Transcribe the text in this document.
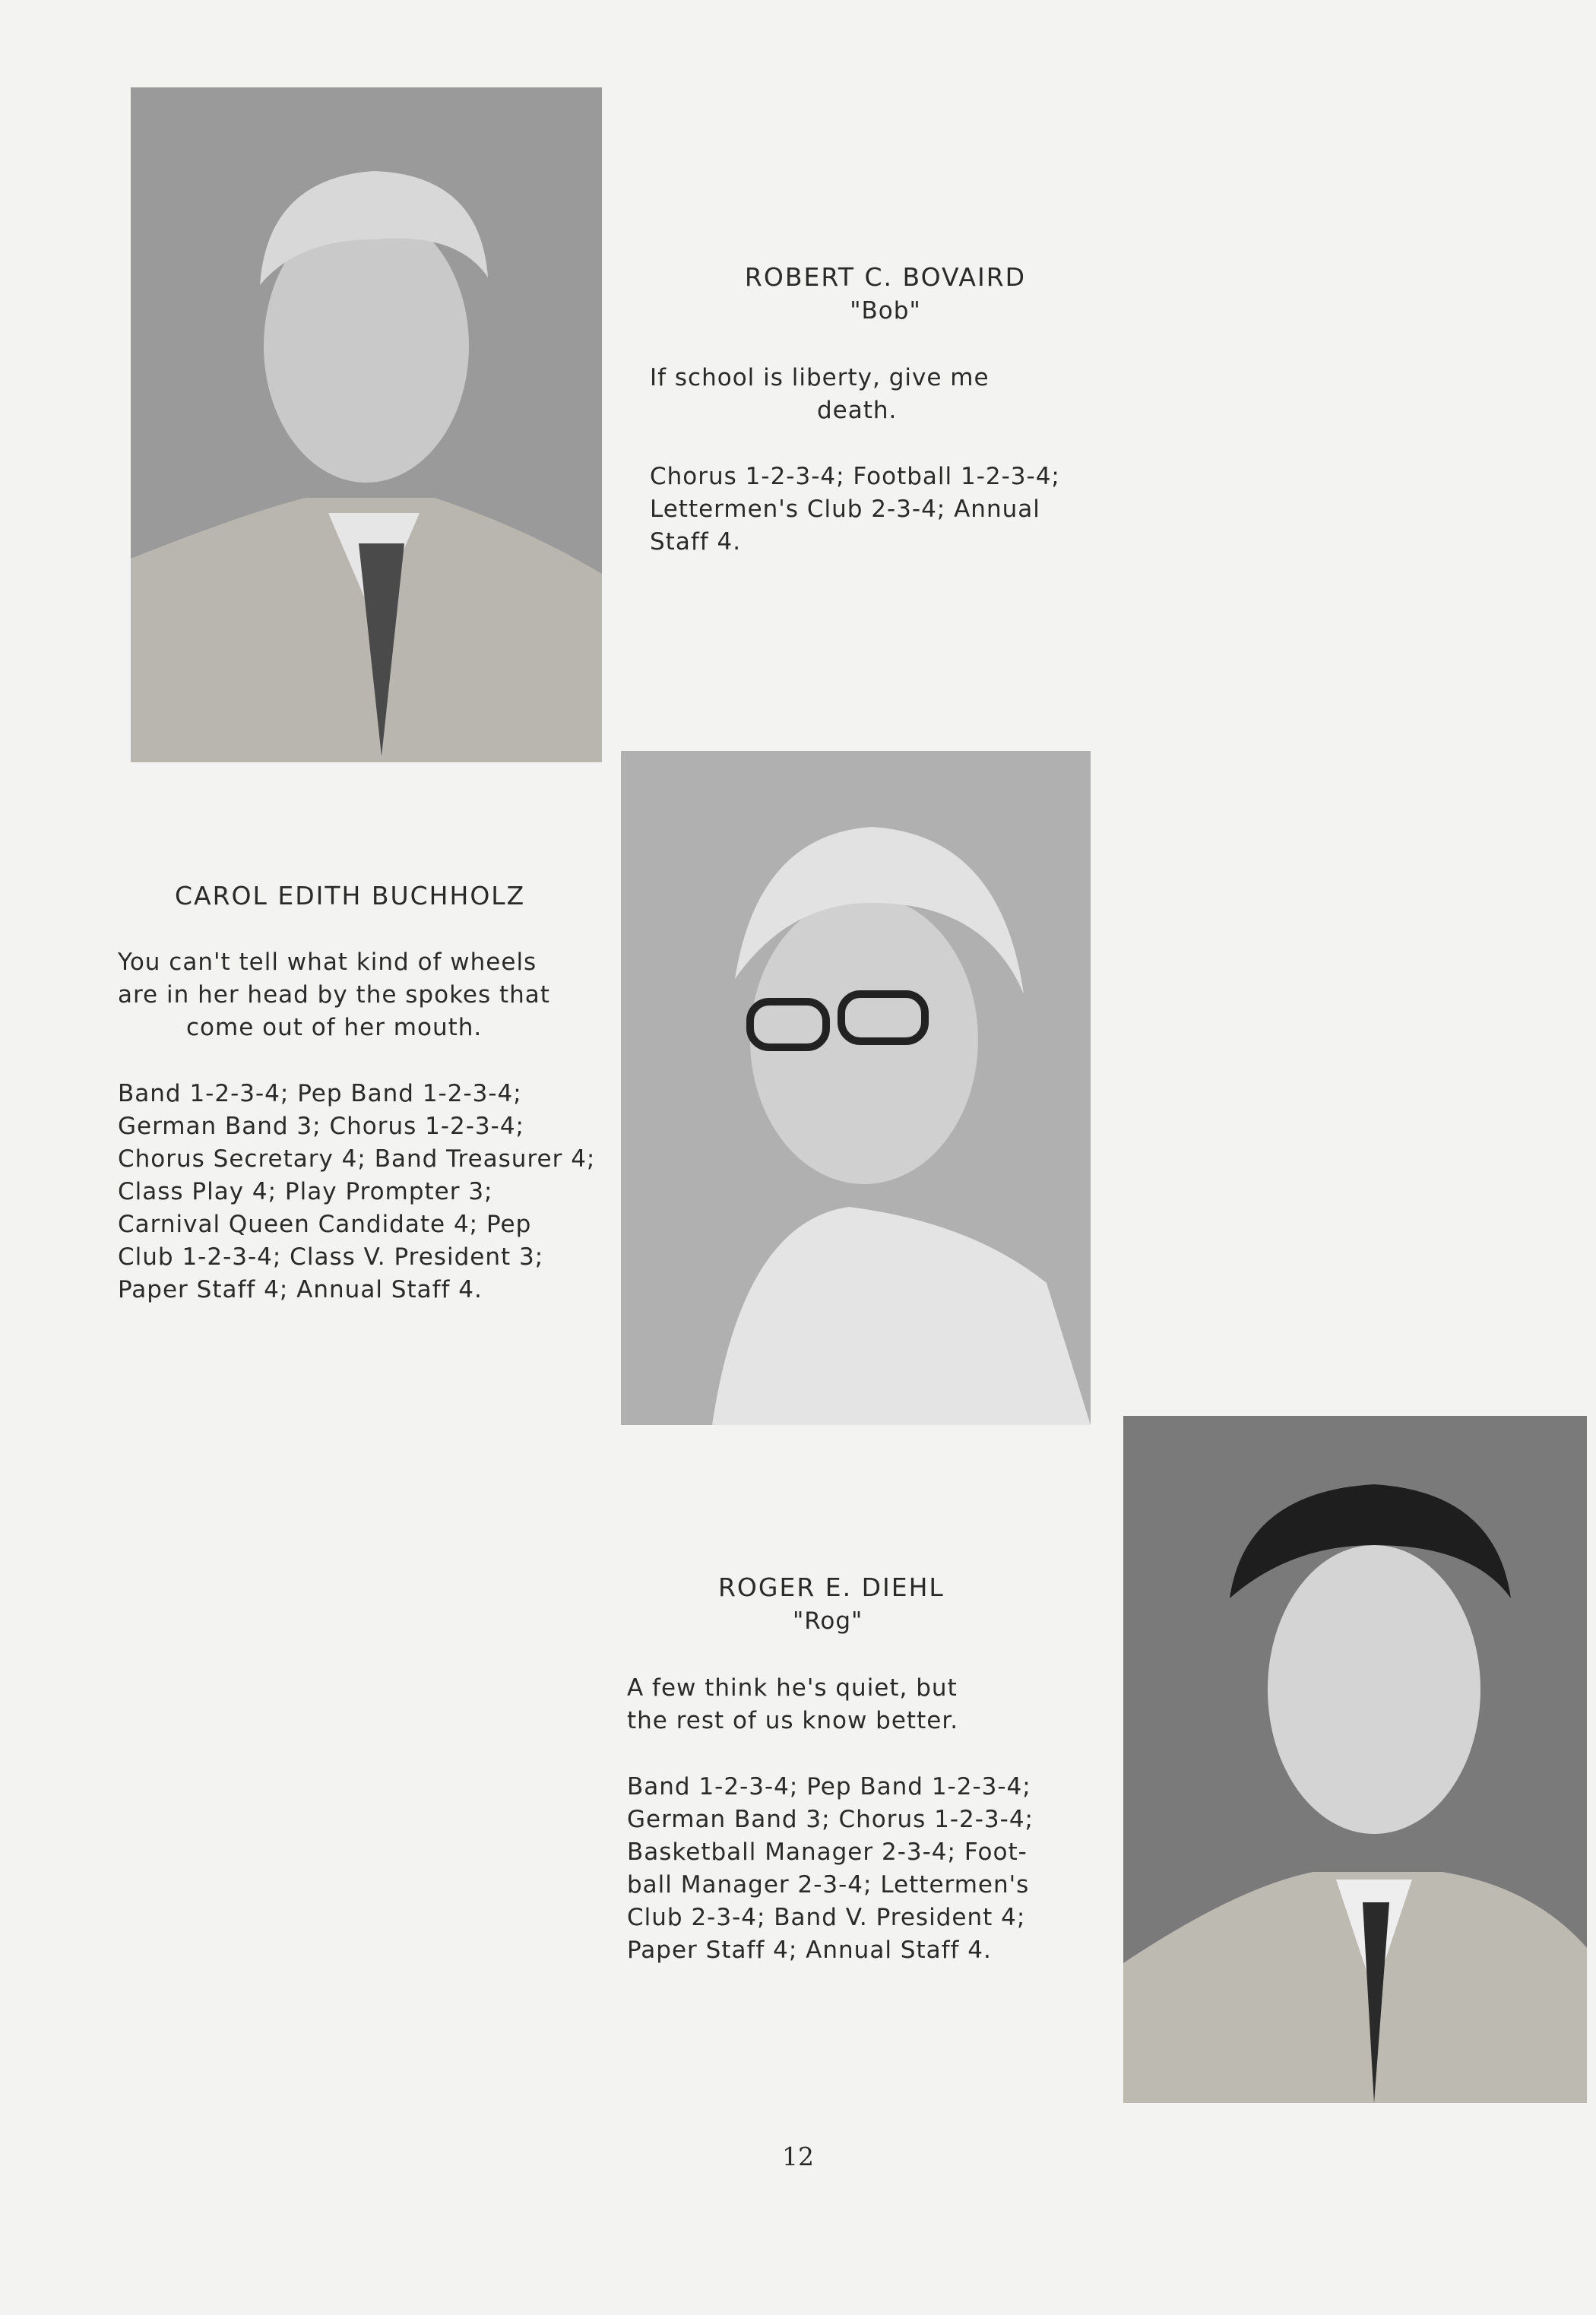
ROBERT C. BOVAIRD
"Bob"

If school is liberty, give me

death.

Chorus 1-2-3-4; Football 1-2-3-4;

Lettermen's Club 2-3-4; Annual

Staff 4.

CAROL EDITH BUCHHOLZ

You can't tell what kind of wheels

are in her head by the spokes that

come out of her mouth.

Band 1-2-3-4; Pep Band 1-2-3-4;

German Band 3; Chorus 1-2-3-4;

Chorus Secretary 4; Band Treasurer 4;

Class Play 4; Play Prompter 3;

Carnival Queen Candidate 4; Pep

Club 1-2-3-4; Class V. President 3;

Paper Staff 4; Annual Staff 4.

ROGER E. DIEHL
"Rog"

A few think he's quiet, but

the rest of us know better.

Band 1-2-3-4; Pep Band 1-2-3-4;

German Band 3; Chorus 1-2-3-4;

Basketball Manager 2-3-4; Foot-

ball Manager 2-3-4; Lettermen's

Club 2-3-4; Band V. President 4;

Paper Staff 4; Annual Staff 4.

12
